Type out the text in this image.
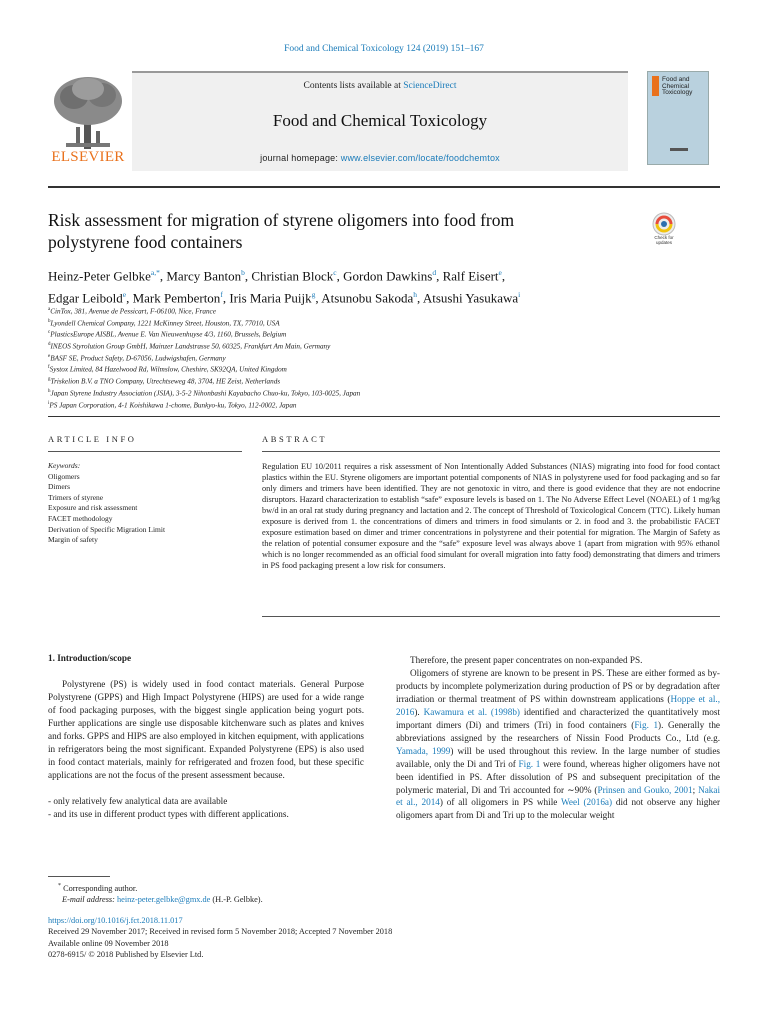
Food and Chemical Toxicology 124 (2019) 151–167
ELSEVIER
Contents lists available at ScienceDirect
Food and Chemical Toxicology
journal homepage: www.elsevier.com/locate/foodchemtox
Food and
Chemical
Toxicology
Risk assessment for migration of styrene oligomers into food from
polystyrene food containers	Check for
updates
Heinz-Peter Gelbke$^{a,*}$, Marcy Banton$^b$, Christian Block$^c$, Gordon Dawkins$^d$, Ralf Eisert$^e$,
Edgar Leibold$^e$, Mark Pemberton$^f$, Iris Maria Puijk$^g$, Atsunobu Sakoda$^h$, Atsushi Yasukawa$^i$
$^a$CinTox, 381, Avenue de Pessicart, F-06100, Nice, France
$^b$Lyondell Chemical Company, 1221 McKinney Street, Houston, TX, 77010, USA
$^c$PlasticsEurope AISBL, Avenue E. Van Nieuwenhuyse 4/3, 1160, Brussels, Belgium
$^d$INEOS Styrolution Group GmbH, Mainzer Landstrasse 50, 60325, Frankfurt Am Main, Germany
$^e$BASF SE, Product Safety, D-67056, Ludwigshafen, Germany
$^f$Systox Limited, 84 Hazelwood Rd, Wilmslow, Cheshire, SK92QA, United Kingdom
$^g$Triskelion B.V. a TNO Company, Utrechtseweg 48, 3704, HE Zeist, Netherlands
$^h$Japan Styrene Industry Association (JSIA), 3-5-2 Nihonbashi Kayabacho Chuo-ku, Tokyo, 103-0025, Japan
$^i$PS Japan Corporation, 4-1 Koishikawa 1-chome, Bunkyo-ku, Tokyo, 112-0002, Japan
ARTICLE INFO	ABSTRACT
Keywords:
Oligomers
Dimers
Trimers of styrene
Exposure and risk assessment
FACET methodology
Derivation of Specific Migration Limit
Margin of safety
Regulation EU 10/2011 requires a risk assessment of Non Intentionally Added Substances (NIAS) migrating into food for food contact plastics within the EU. Styrene oligomers are important potential components of NIAS in polystyrene used for food packaging and so far only dimers and trimers have been identified. They are not genotoxic in vitro, and there is good evidence that they are not endocrine disruptors. Hazard characterization to establish “safe” exposure levels is based on 1. The No Adverse Effect Level (NOAEL) of 1 mg/kg bw/d in an oral rat study during pregnancy and lactation and 2. The concept of Threshold of Toxicological Concern (TTC). Likely human exposure is derived from 1. the concentrations of dimers and trimers in food simulants or 2. in food and 3. the probabilistic FACET exposure estimation based on dimer and trimer concentrations in polystyrene and their potential for migration. The Margin of Safety as the relation of potential consumer exposure and the “safe” exposure level was always above 1 (apart from migration with 95% ethanol which is no longer recommended as an official food simulant for overall migration into fatty food) demonstrating that dimers and trimers in PS food packaging present a low risk for consumers.

1. Introduction/scope

Polystyrene (PS) is widely used in food contact materials. General Purpose Polystyrene (GPPS) and High Impact Polystyrene (HIPS) are used for a wide range of food packaging purposes, with the biggest single application being yogurt pots. Further applications are single use disposable kitchenware such as plates and knives and forks. GPPS and HIPS are also employed in kitchen equipment, with applications in refrigerators being the most significant. Expanded Polystyrene (EPS) is also used in food contact materials, mainly for refrigerated and frozen food, but these specific applications are not the focus of the present assessment because.

- only relatively few analytical data are available

- and its use in different product types with different applications.

Therefore, the present paper concentrates on non-expanded PS.

Oligomers of styrene are known to be present in PS. These are either formed as by-products by incomplete polymerization during production of PS or by degradation after irradiation or thermal treatment of PS within downstream applications (Hoppe et al., 2016). Kawamura et al. (1998b) identified and characterized the quantitatively most important dimers (Di) and trimers (Tri) in food containers (Fig. 1). Generally the abbreviations assigned by the researchers of Nissin Food Products Co., Ltd (e.g. Yamada, 1999) will be used throughout this review. In the large number of studies available, only the Di and Tri of Fig. 1 were found, whereas higher oligomers have not been identified in PS. After dissolution of PS and subsequent precipitation of the polymeric material, Di and Tri accounted for ∼90% (Prinsen and Gouko, 2001; Nakai et al., 2014) of all oligomers in PS while Weel (2016a) did not observe any higher oligomers apart from Di and Tri up to the molecular weight

* Corresponding author.
E-mail address: heinz-peter.gelbke@gmx.de (H.-P. Gelbke).
https://doi.org/10.1016/j.fct.2018.11.017
Received 29 November 2017; Received in revised form 5 November 2018; Accepted 7 November 2018
Available online 09 November 2018
0278-6915/ © 2018 Published by Elsevier Ltd.
